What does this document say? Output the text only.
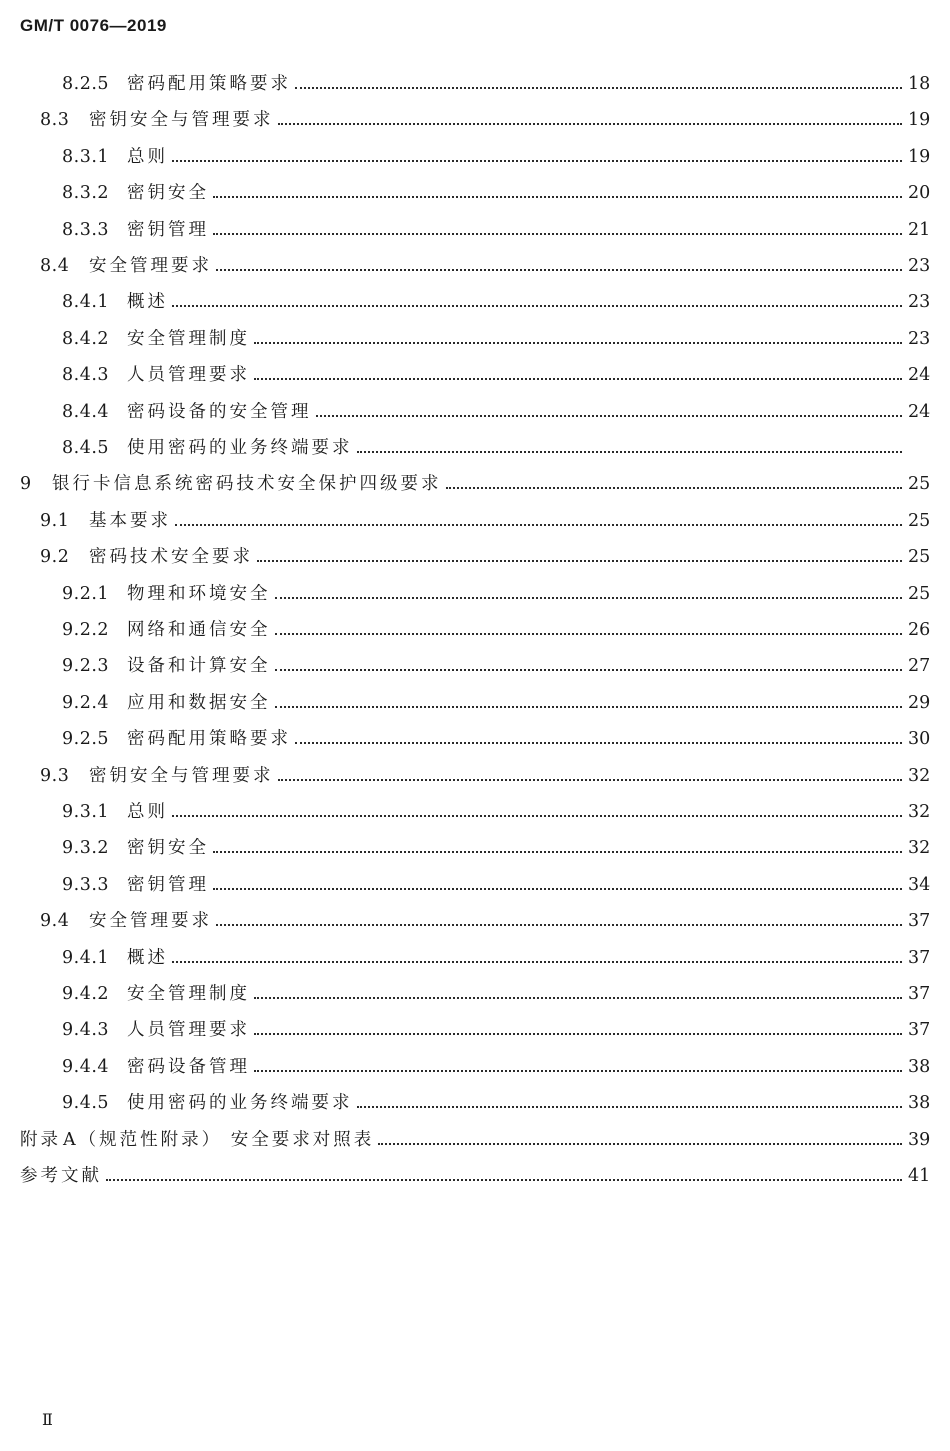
GM/T 0076—2019
8.2.5	密码配用策略要求	18
8.3	密钥安全与管理要求	19
8.3.1	总则	19
8.3.2	密钥安全	20
8.3.3	密钥管理	21
8.4	安全管理要求	23
8.4.1	概述	23
8.4.2	安全管理制度	23
8.4.3	人员管理要求	24
8.4.4	密码设备的安全管理	24
8.4.5	使用密码的业务终端要求
9	银行卡信息系统密码技术安全保护四级要求	25
9.1	基本要求	25
9.2	密码技术安全要求	25
9.2.1	物理和环境安全	25
9.2.2	网络和通信安全	26
9.2.3	设备和计算安全	27
9.2.4	应用和数据安全	29
9.2.5	密码配用策略要求	30
9.3	密钥安全与管理要求	32
9.3.1	总则	32
9.3.2	密钥安全	32
9.3.3	密钥管理	34
9.4	安全管理要求	37
9.4.1	概述	37
9.4.2	安全管理制度	37
9.4.3	人员管理要求	37
9.4.4	密码设备管理	38
9.4.5	使用密码的业务终端要求	38
附录 A（规范性附录） 安全要求对照表	39
参考文献	41
Ⅱ
